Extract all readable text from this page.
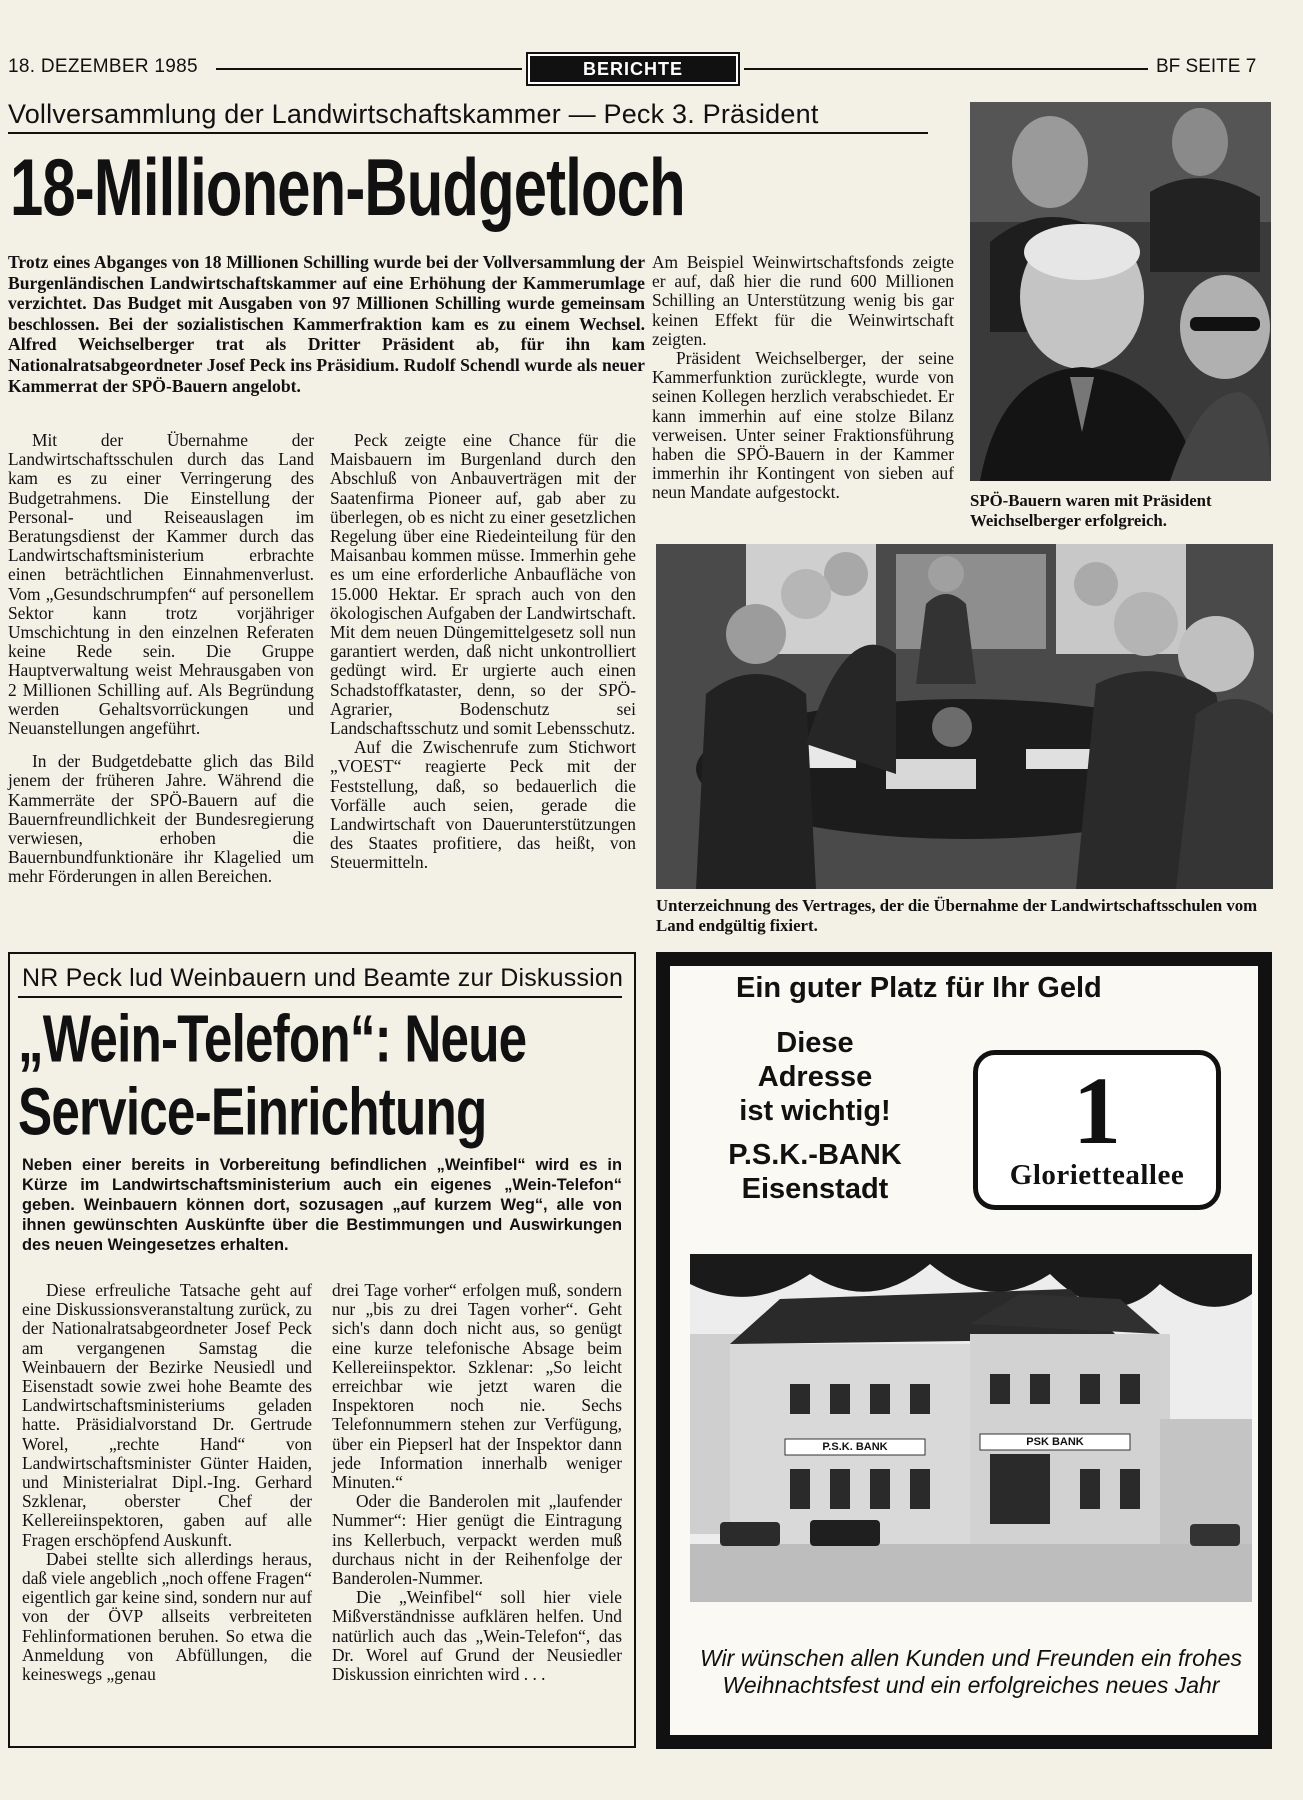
18. DEZEMBER 1985	BERICHTE	BF SEITE 7
Vollversammlung der Landwirtschaftskammer — Peck 3. Präsident
18-Millionen-Budgetloch
Trotz eines Abganges von 18 Millionen Schilling wurde bei der Vollversammlung der Burgenländischen Landwirtschaftskammer auf eine Erhöhung der Kammerumlage verzichtet. Das Budget mit Ausgaben von 97 Millionen Schilling wurde gemeinsam beschlossen. Bei der sozialistischen Kammerfraktion kam es zu einem Wechsel. Alfred Weichselberger trat als Dritter Präsident ab, für ihn kam Nationalratsabgeordneter Josef Peck ins Präsidium. Rudolf Schendl wurde als neuer Kammerrat der SPÖ-Bauern angelobt.

Mit der Übernahme der Landwirtschaftsschulen durch das Land kam es zu einer Verringerung des Budgetrahmens. Die Einstellung der Personal- und Reiseauslagen im Beratungsdienst der Kammer durch das Landwirtschaftsministerium erbrachte einen beträchtlichen Einnahmenverlust. Vom „Gesundschrumpfen“ auf personellem Sektor kann trotz vorjähriger Umschichtung in den einzelnen Referaten keine Rede sein. Die Gruppe Hauptverwaltung weist Mehrausgaben von 2 Millionen Schilling auf. Als Begründung werden Gehaltsvorrückungen und Neuanstellungen angeführt.

In der Budgetdebatte glich das Bild jenem der früheren Jahre. Während die Kammerräte der SPÖ-Bauern auf die Bauernfreundlichkeit der Bundesregierung verwiesen, erhoben die Bauernbundfunktionäre ihr Klagelied um mehr Förderungen in allen Bereichen.

Peck zeigte eine Chance für die Maisbauern im Burgenland durch den Abschluß von Anbauverträgen mit der Saatenfirma Pioneer auf, gab aber zu überlegen, ob es nicht zu einer gesetzlichen Regelung über eine Riedeinteilung für den Maisanbau kommen müsse. Immerhin gehe es um eine erforderliche Anbaufläche von 15.000 Hektar. Er sprach auch von den ökologischen Aufgaben der Landwirtschaft. Mit dem neuen Düngemittelgesetz soll nun garantiert werden, daß nicht unkontrolliert gedüngt wird. Er urgierte auch einen Schadstoffkataster, denn, so der SPÖ-Agrarier, Bodenschutz sei Landschaftsschutz und somit Lebensschutz.

Auf die Zwischenrufe zum Stichwort „VOEST“ reagierte Peck mit der Feststellung, daß, so bedauerlich die Vorfälle auch seien, gerade die Landwirtschaft von Dauerunterstützungen des Staates profitiere, das heißt, von Steuermitteln.

Am Beispiel Weinwirtschaftsfonds zeigte er auf, daß hier die rund 600 Millionen Schilling an Unterstützung wenig bis gar keinen Effekt für die Weinwirtschaft zeigten.

Präsident Weichselberger, der seine Kammerfunktion zurücklegte, wurde von seinen Kollegen herzlich verabschiedet. Er kann immerhin auf eine stolze Bilanz verweisen. Unter seiner Fraktionsführung haben die SPÖ-Bauern in der Kammer immerhin ihr Kontingent von sieben auf neun Mandate aufgestockt.	SPÖ-Bauern waren mit Präsident Weichselberger erfolgreich.
Unterzeichnung des Vertrages, der die Übernahme der Landwirtschaftsschulen vom Land endgültig fixiert.
NR Peck lud Weinbauern und Beamte zur Diskussion
„Wein-Telefon“: Neue
Service-Einrichtung
Neben einer bereits in Vorbereitung befindlichen „Weinfibel“ wird es in Kürze im Landwirtschaftsministerium auch ein eigenes „Wein-Telefon“ geben. Weinbauern können dort, sozusagen „auf kurzem Weg“, alle von ihnen gewünschten Auskünfte über die Bestimmungen und Auswirkungen des neuen Weingesetzes erhalten.

Diese erfreuliche Tatsache geht auf eine Diskussionsveranstaltung zurück, zu der Nationalratsabgeordneter Josef Peck am vergangenen Samstag die Weinbauern der Bezirke Neusiedl und Eisenstadt sowie zwei hohe Beamte des Landwirtschaftsministeriums geladen hatte. Präsidialvorstand Dr. Gertrude Worel, „rechte Hand“ von Landwirtschaftsminister Günter Haiden, und Ministerialrat Dipl.-Ing. Gerhard Szklenar, oberster Chef der Kellereiinspektoren, gaben auf alle Fragen erschöpfend Auskunft.

Dabei stellte sich allerdings heraus, daß viele angeblich „noch offene Fragen“ eigentlich gar keine sind, sondern nur auf von der ÖVP allseits verbreiteten Fehlinformationen beruhen. So etwa die Anmeldung von Abfüllungen, die keineswegs „genau

drei Tage vorher“ erfolgen muß, sondern nur „bis zu drei Tagen vorher“. Geht sich's dann doch nicht aus, so genügt eine kurze telefonische Absage beim Kellereiinspektor. Szklenar: „So leicht erreichbar wie jetzt waren die Inspektoren noch nie. Sechs Telefonnummern stehen zur Verfügung, über ein Piepserl hat der Inspektor dann jede Information innerhalb weniger Minuten.“

Oder die Banderolen mit „laufender Nummer“: Hier genügt die Eintragung ins Kellerbuch, verpackt werden muß durchaus nicht in der Reihenfolge der Banderolen-Nummer.

Die „Weinfibel“ soll hier viele Mißverständnisse aufklären helfen. Und natürlich auch das „Wein-Telefon“, das Dr. Worel auf Grund der Neusiedler Diskussion einrichten wird . . .

Ein guter Platz für Ihr Geld
Diese
Adresse
ist wichtig!
P.S.K.-BANK
Eisenstadt
1
Gloriettеallee
P.S.K. BANK	PSK BANK
Wir wünschen allen Kunden und Freunden ein frohes Weihnachtsfest und ein erfolgreiches neues Jahr
